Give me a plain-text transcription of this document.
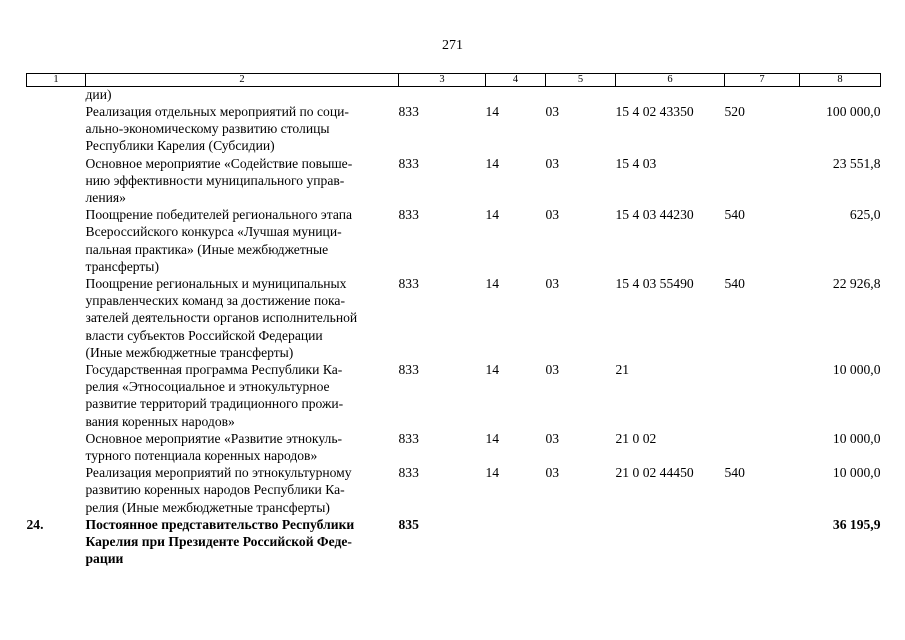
271
1	2	3	4	5	6	7	8
	дии)						
	Реализация отдельных мероприятий по соци-
ально-экономическому развитию столицы
Республики Карелия (Субсидии)	833	14	03	15 4 02 43350	520	100 000,0
	Основное мероприятие «Содействие повыше-
нию эффективности муниципального управ-
ления»	833	14	03	15 4 03		23 551,8
	Поощрение победителей регионального этапа
Всероссийского конкурса «Лучшая муници-
пальная практика» (Иные межбюджетные
трансферты)	833	14	03	15 4 03 44230	540	625,0
	Поощрение региональных и муниципальных
управленческих команд за достижение пока-
зателей деятельности органов исполнительной
власти субъектов Российской Федерации
(Иные межбюджетные трансферты)	833	14	03	15 4 03 55490	540	22 926,8
	Государственная программа Республики Ка-
релия «Этносоциальное и этнокультурное
развитие территорий традиционного прожи-
вания коренных народов»	833	14	03	21		10 000,0
	Основное мероприятие «Развитие этнокуль-
турного потенциала коренных народов»	833	14	03	21 0 02		10 000,0
	Реализация мероприятий по этнокультурному
развитию коренных народов Республики Ка-
релия (Иные межбюджетные трансферты)	833	14	03	21 0 02 44450	540	10 000,0
24.	Постоянное представительство Республики
Карелия при Президенте Российской Феде-
рации	835					36 195,9
